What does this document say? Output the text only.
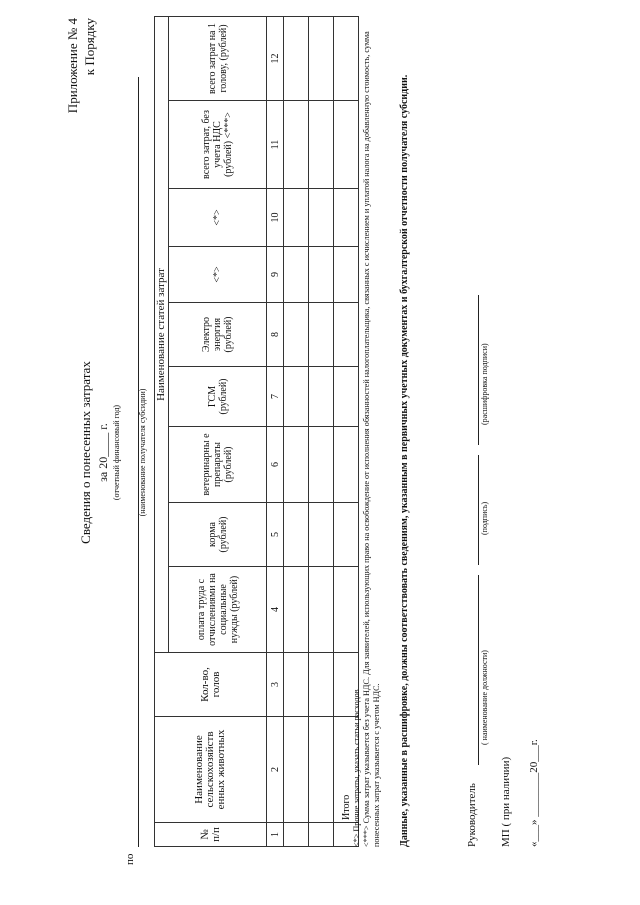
Приложение № 4 к Порядку
Сведения о понесенных затратах за 20____ г. (отчетный финансовый год)
по
(наименование получателя субсидии)
№ п/п	Наименование сельскохозяйств енных животных	Кол-во, голов	Наименование статей затрат								
			оплата труда с отчислениями на социальные нужды (рублей)	корма (рублей)	ветеринарны е препараты (рублей)	ГСМ (рублей)	Электро энергия (рублей)	<*>	<*>	всего затрат, без учета НДС (рублей) <***>	всего затрат на 1 голову, (рублей)
1	2	3	4	5	6	7	8	9	10	11	12

	Итого										<*> Прочие затраты, указать статьи расходов <***> Сумма затрат указывается без учета НДС. Для заявителей, использующих право на освобождение от исполнения обязанностей налогоплательщика, связанных с исчислением и уплатой налога на добавленную стоимость, сумма понесенных затрат указывается с учетом НДС. Данные, указанные в расшифровке, должны соответствовать сведениям, указанным в первичных учетных документах и бухгалтерской отчетности получателя субсидии.	Руководитель
( наименование должности)
(подпись)
(расшифровка подписи)
МП ( при наличии) «___» ________20___г.
